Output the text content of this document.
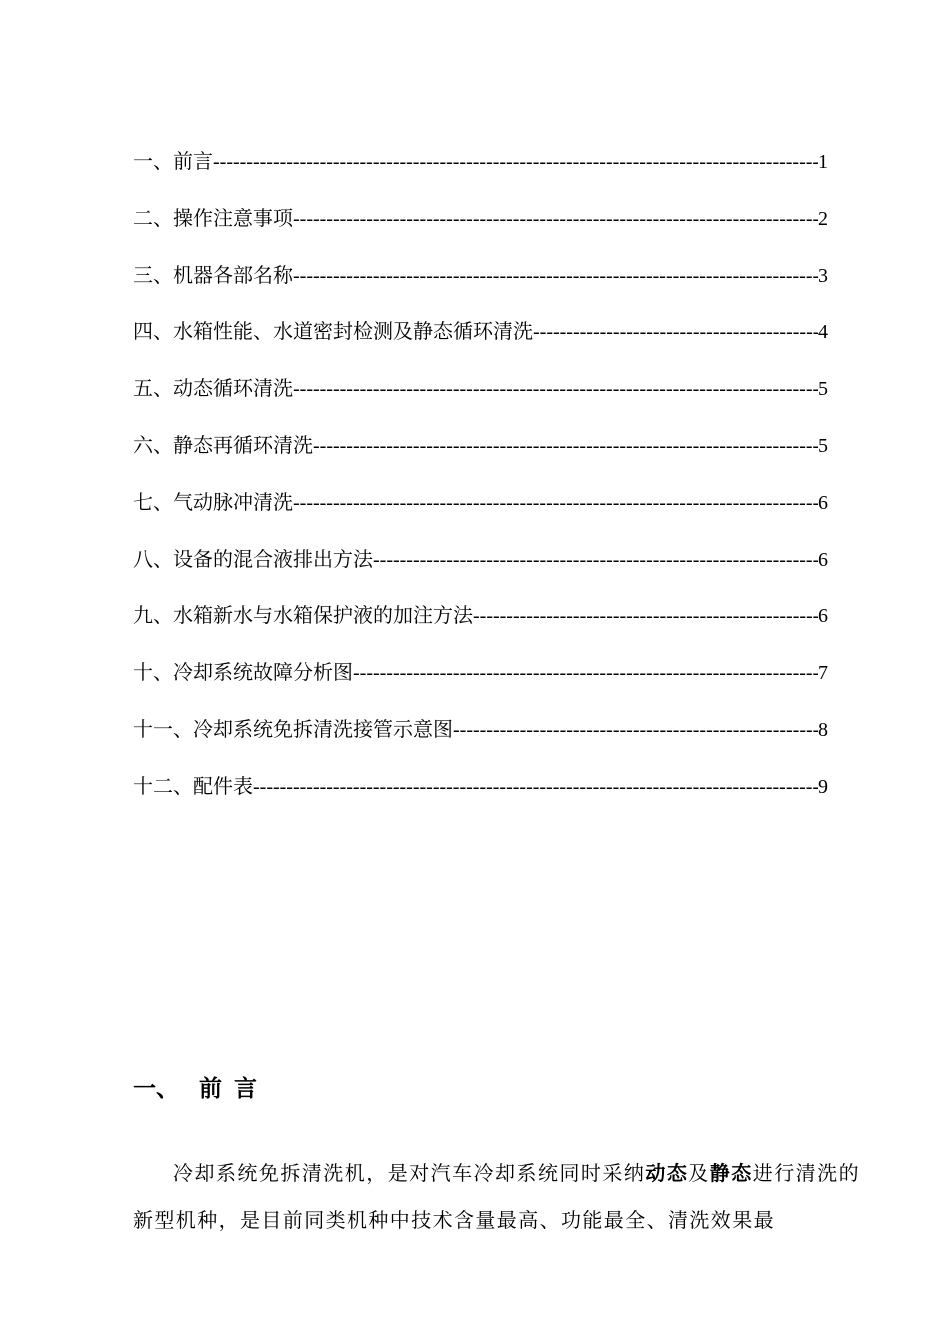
一、前言 -----	1
二、操作注意事项 -----	2
三、机器各部名称 -----	3
四、水箱性能、水道密封检测及静态循环清洗 -----	4
五、动态循环清洗 -----	5
六、静态再循环清洗 -----	5
七、气动脉冲清洗 -----	6
八、设备的混合液排出方法 -----	6
九、水箱新水与水箱保护液的加注方法 -----	6
十、冷却系统故障分析图 -----	7
十一、冷却系统免拆清洗接管示意图 -----	8
十二、配件表 -----	9
一、 前言

冷却系统免拆清洗机，是对汽车冷却系统同时采纳动态及静态进行清洗的新型机种，是目前同类机种中技术含量最高、功能最全、清洗效果最
